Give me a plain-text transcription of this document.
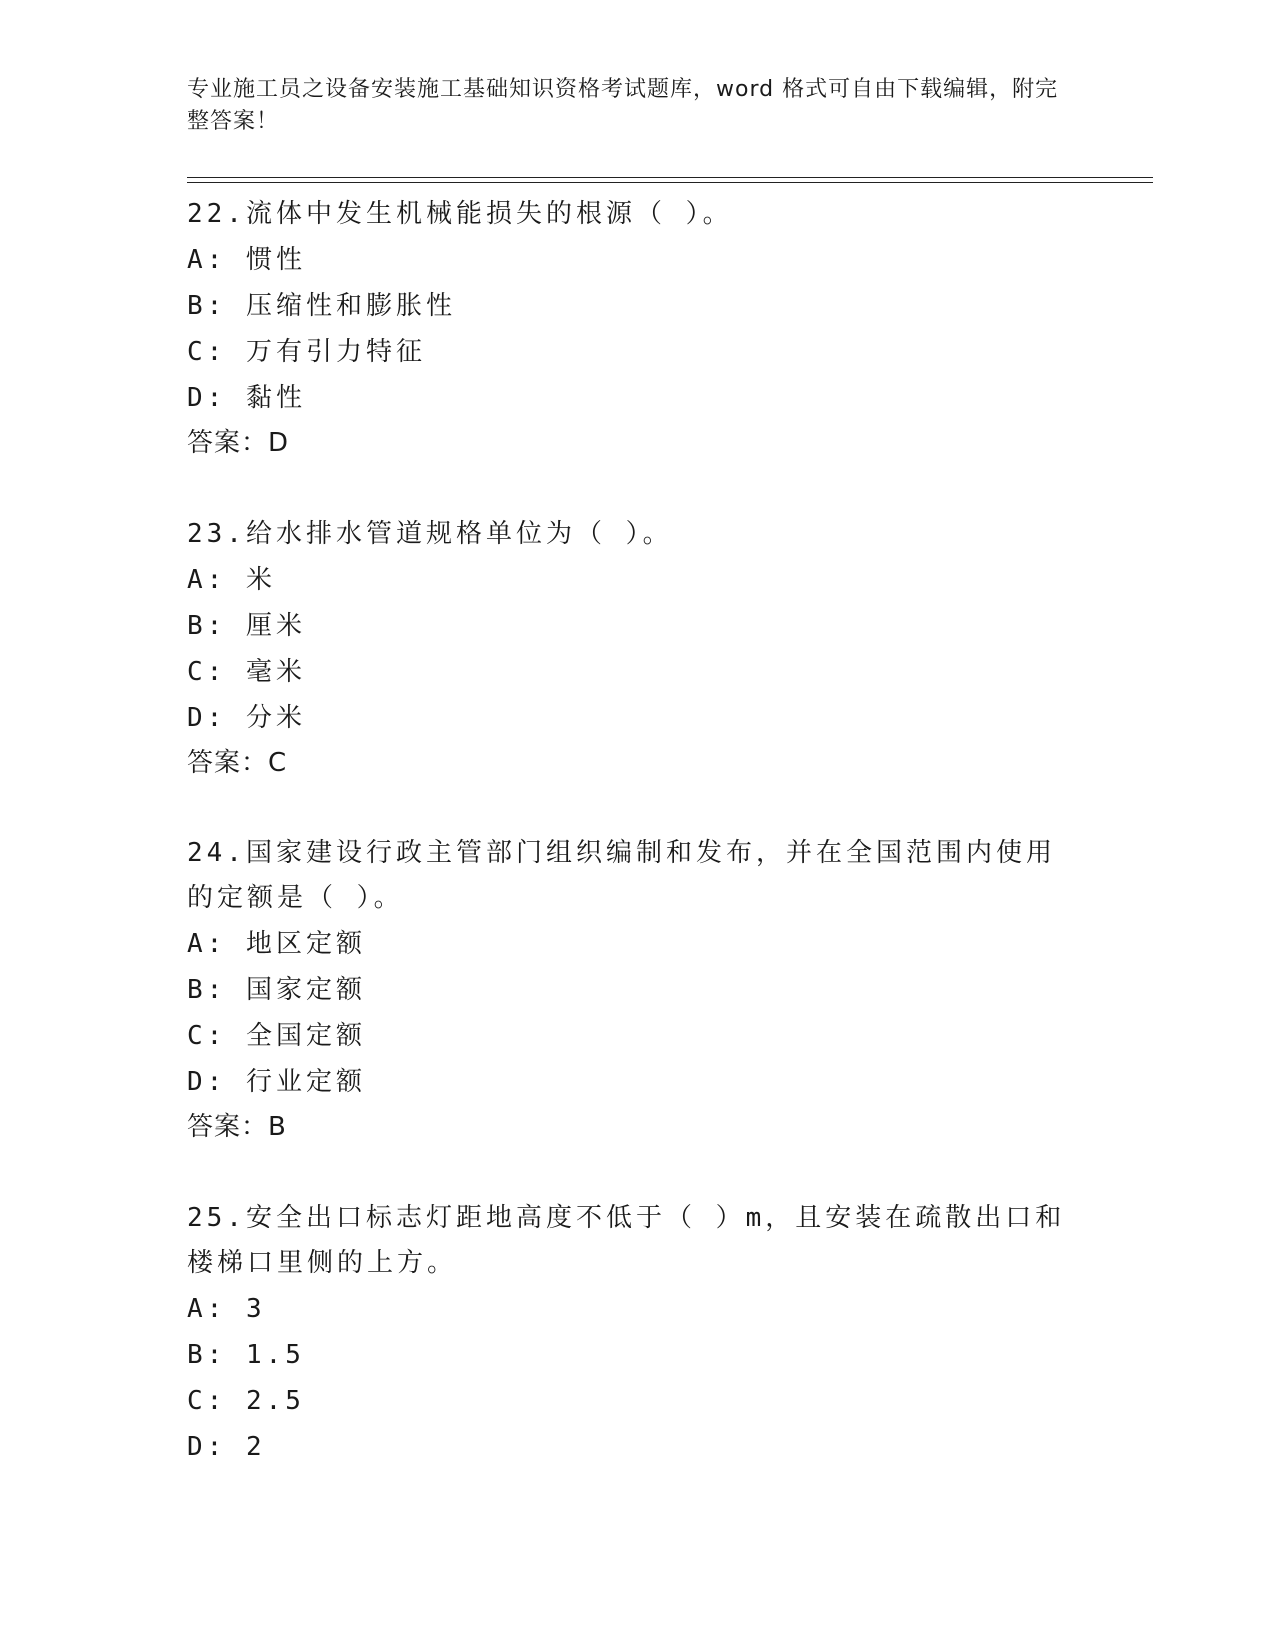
专业施工员之设备安装施工基础知识资格考试题库，word 格式可自由下载编辑，附完整答案！
22.流体中发生机械能损失的根源（ ）。
A: 惯性
B: 压缩性和膨胀性
C: 万有引力特征
D: 黏性
答案：D
23.给水排水管道规格单位为（ ）。
A: 米
B: 厘米
C: 毫米
D: 分米
答案：C
24.国家建设行政主管部门组织编制和发布，并在全国范围内使用的定额是（ ）。
A: 地区定额
B: 国家定额
C: 全国定额
D: 行业定额
答案：B
25.安全出口标志灯距地高度不低于（ ）m，且安装在疏散出口和楼梯口里侧的上方。
A: 3
B: 1.5
C: 2.5
D: 2
